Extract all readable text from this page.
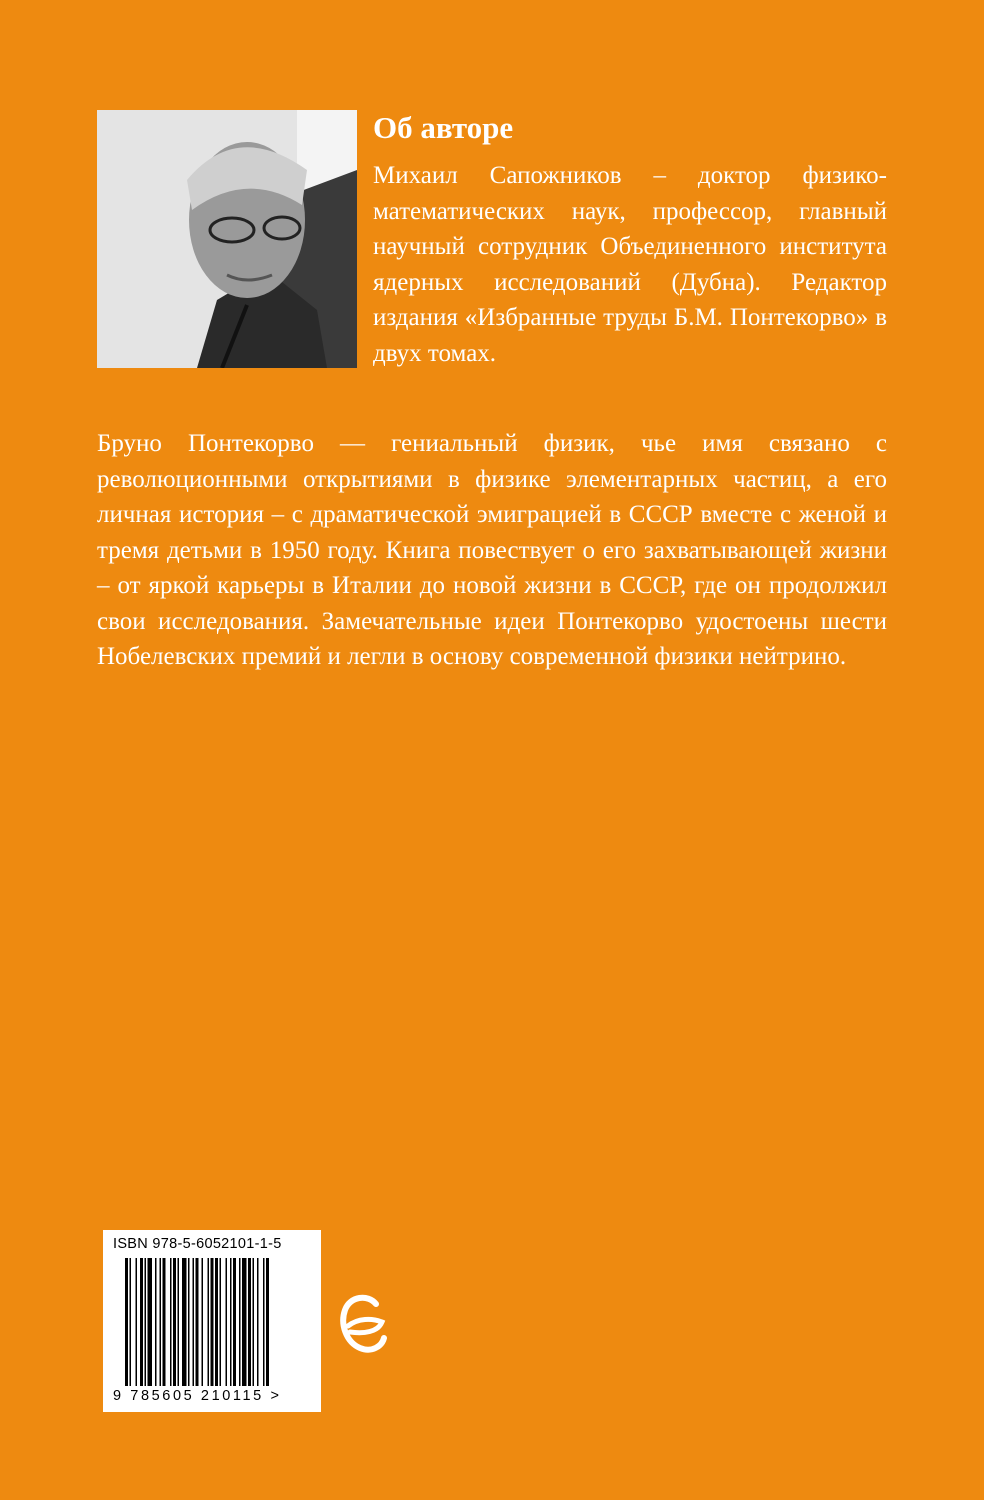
Об авторе

Михаил Сапожников – доктор физико-математических наук, профессор, главный научный сотрудник Объединенного института ядерных исследований (Дубна). Редактор издания «Избранные труды Б.М. Понтекорво» в двух томах.

Бруно Понтекорво — гениальный физик, чье имя связано с революционными открытиями в физике элементарных частиц, а его личная история – с драматической эмиграцией в СССР вместе с женой и тремя детьми в 1950 году. Книга повествует о его захватывающей жизни – от яркой карьеры в Италии до новой жизни в СССР, где он продолжил свои исследования. Замечательные идеи Понтекорво удостоены шести Нобелевских премий и легли в основу современной физики нейтрино.

ISBN 978-5-6052101-1-5
9 785605 210115 >
